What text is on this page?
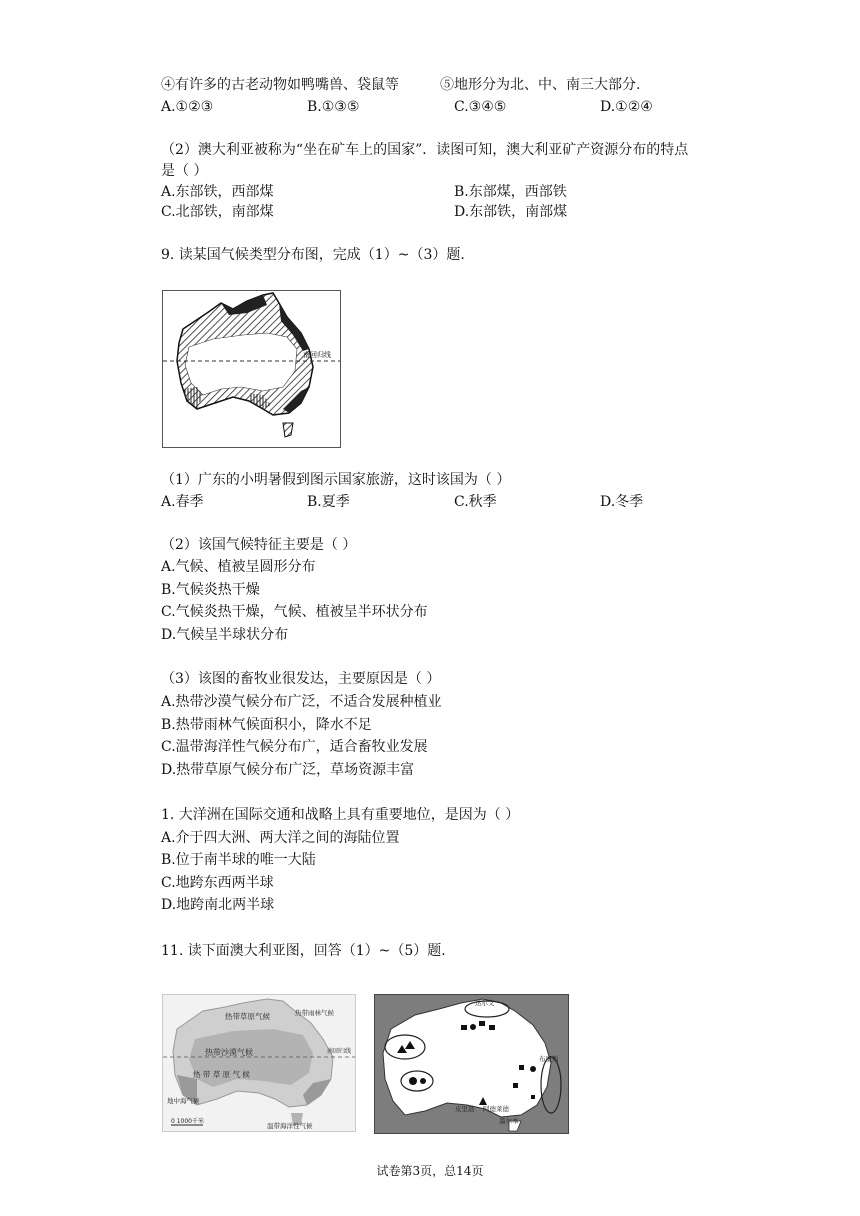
④有许多的古老动物如鸭嘴兽、袋鼠等	⑤地形分为北、中、南三大部分.
A.①②③	B.①③⑤	C.③④⑤	D.①②④
（2）澳大利亚被称为“坐在矿车上的国家”．读图可知，澳大利亚矿产资源分布的特点
是（ ）
A.东部铁，西部煤	B.东部煤，西部铁
C.北部铁，南部煤	D.东部铁，南部煤
9. 读某国气候类型分布图，完成（1）~（3）题.
南回归线
（1）广东的小明暑假到图示国家旅游，这时该国为（ ）
A.春季	B.夏季	C.秋季	D.冬季
（2）该国气候特征主要是（ ）
A.气候、植被呈圆形分布
B.气候炎热干燥
C.气候炎热干燥，气候、植被呈半环状分布
D.气候呈半球状分布
（3）该图的畜牧业很发达，主要原因是（ ）
A.热带沙漠气候分布广泛，不适合发展种植业
B.热带雨林气候面积小，降水不足
C.温带海洋性气候分布广，适合畜牧业发展
D.热带草原气候分布广泛，草场资源丰富
1. 大洋洲在国际交通和战略上具有重要地位，是因为（ ）
A.介于四大洲、两大洋之间的海陆位置
B.位于南半球的唯一大陆
C.地跨东西两半球
D.地跨南北两半球
11. 读下面澳大利亚图，回答（1）~（5）题.
热带草原气候	热带雨林气候
热带沙漠气候	南回归线
热 带 草 原 气 候
地中海气候
0 1000千米
温带海洋性气候
达尔文
布里斯
皮里港 阿德莱德
墨尔本
试卷第3页，总14页
